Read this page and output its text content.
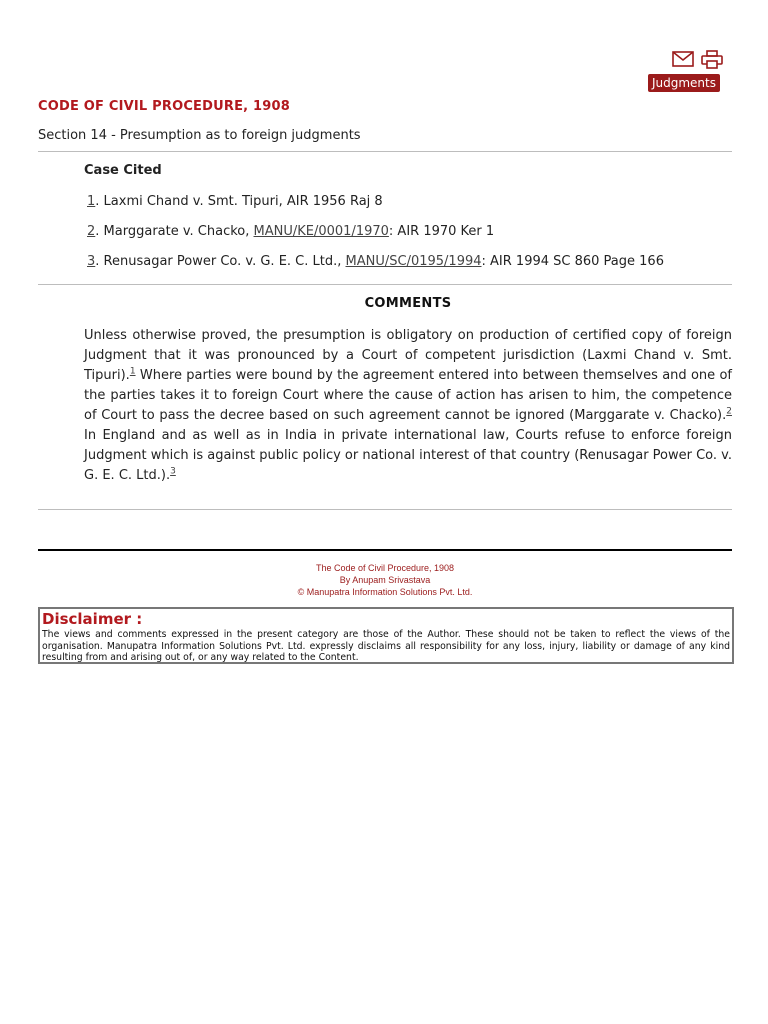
Judgments
CODE OF CIVIL PROCEDURE, 1908
Section 14 - Presumption as to foreign judgments
Case Cited
1. Laxmi Chand v. Smt. Tipuri, AIR 1956 Raj 8
2. Marggarate v. Chacko, MANU/KE/0001/1970: AIR 1970 Ker 1
3. Renusagar Power Co. v. G. E. C. Ltd., MANU/SC/0195/1994: AIR 1994 SC 860 Page 166
COMMENTS

Unless otherwise proved, the presumption is obligatory on production of certified copy of foreign Judgment that it was pronounced by a Court of competent jurisdiction (Laxmi Chand v. Smt. Tipuri).$^1$ Where parties were bound by the agreement entered into between themselves and one of the parties takes it to foreign Court where the cause of action has arisen to him, the competence of Court to pass the decree based on such agreement cannot be ignored (Marggarate v. Chacko).$^2$ In England and as well as in India in private international law, Courts refuse to enforce foreign Judgment which is against public policy or national interest of that country (Renusagar Power Co. v. G. E. C. Ltd.).$^3$

The Code of Civil Procedure, 1908
By Anupam Srivastava
© Manupatra Information Solutions Pvt. Ltd.
Disclaimer :
The views and comments expressed in the present category are those of the Author. These should not be taken to reflect the views of the organisation. Manupatra Information Solutions Pvt. Ltd. expressly disclaims all responsibility for any loss, injury, liability or damage of any kind resulting from and arising out of, or any way related to the Content.
